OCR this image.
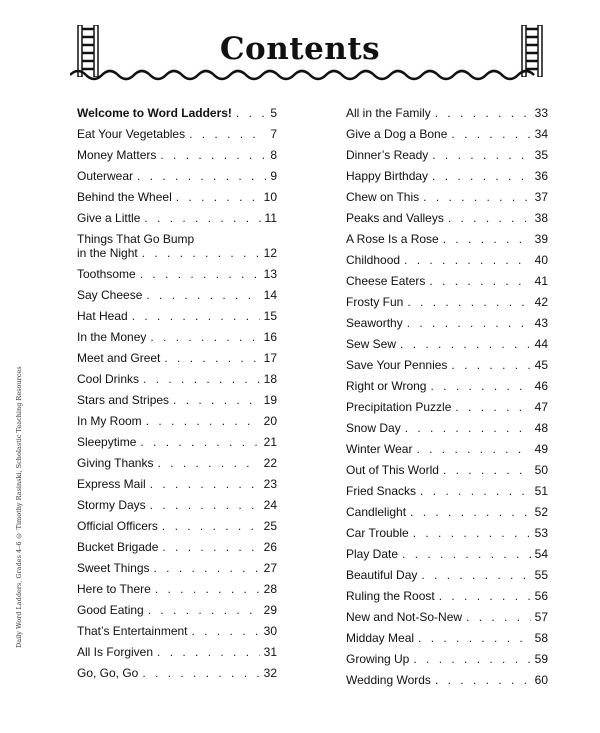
Contents
Daily Word Ladders, Grades 4–6 © Timothy Rasinski, Scholastic Teaching Resources
Welcome to Word Ladders! . . .	5
Eat Your Vegetables . . .	7
Money Matters . . .	8
Outerwear . . .	9
Behind the Wheel . . .	10
Give a Little . . .	11
Things That Go Bump
in the Night . . .	12
Toothsome . . .	13
Say Cheese . . .	14
Hat Head . . .	15
In the Money . . .	16
Meet and Greet . . .	17
Cool Drinks . . .	18
Stars and Stripes . . .	19
In My Room . . .	20
Sleepytime . . .	21
Giving Thanks . . .	22
Express Mail . . .	23
Stormy Days . . .	24
Official Officers . . .	25
Bucket Brigade . . .	26
Sweet Things . . .	27
Here to There . . .	28
Good Eating . . .	29
That’s Entertainment . . .	30
All Is Forgiven . . .	31
Go, Go, Go . . .	32
All in the Family . . .	33
Give a Dog a Bone . . .	34
Dinner’s Ready . . .	35
Happy Birthday . . .	36
Chew on This . . .	37
Peaks and Valleys . . .	38
A Rose Is a Rose . . .	39
Childhood . . .	40
Cheese Eaters . . .	41
Frosty Fun . . .	42
Seaworthy . . .	43
Sew Sew . . .	44
Save Your Pennies . . .	45
Right or Wrong . . .	46
Precipitation Puzzle . . .	47
Snow Day . . .	48
Winter Wear . . .	49
Out of This World . . .	50
Fried Snacks . . .	51
Candlelight . . .	52
Car Trouble . . .	53
Play Date . . .	54
Beautiful Day . . .	55
Ruling the Roost . . .	56
New and Not-So-New . . .	57
Midday Meal . . .	58
Growing Up . . .	59
Wedding Words . . .	60
